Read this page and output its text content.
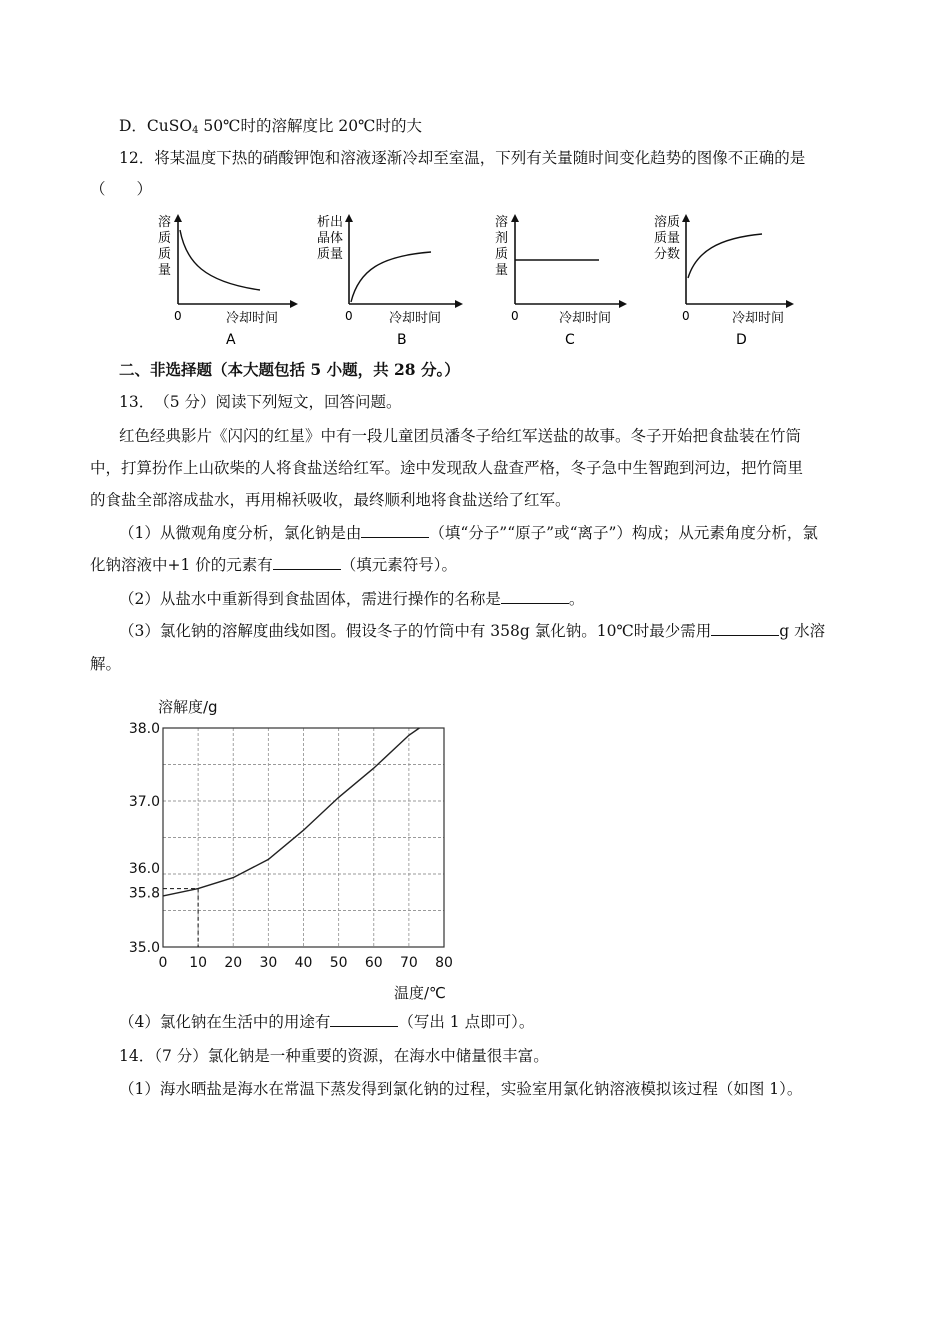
D．CuSO$_4$ 50℃时的溶解度比 20℃时的大
12．将某温度下热的硝酸钾饱和溶液逐渐冷却至室温，下列有关量随时间变化趋势的图像不正确的是
（　　）
溶
质
质
量
0	冷却时间
A
析出
晶体
质量
0	冷却时间
B
溶
剂
质
量
0	冷却时间
C
溶质
质量
分数
0	冷却时间
D
二、非选择题（本大题包括 5 小题，共 28 分。）
13．　（5 分）阅读下列短文，回答问题。
红色经典影片《闪闪的红星》中有一段儿童团员潘冬子给红军送盐的故事。冬子开始把食盐装在竹筒
中，打算扮作上山砍柴的人将食盐送给红军。途中发现敌人盘查严格，冬子急中生智跑到河边，把竹筒里
的食盐全部溶成盐水，再用棉袄吸收，最终顺利地将食盐送给了红军。
（1）从微观角度分析，氯化钠是由	（填“分子”“原子”或“离子”）构成；从元素角度分析，氯
化钠溶液中+1 价的元素有	（填元素符号）。
（2）从盐水中重新得到食盐固体，需进行操作的名称是	。
（3）氯化钠的溶解度曲线如图。假设冬子的竹筒中有 358g 氯化钠。10℃时最少需用	g 水溶
解。
0 10 20 30 40 50 60 70 80
35.0
35.8
36.0
37.0
38.0
溶解度/g
温度/℃
（4）氯化钠在生活中的用途有	（写出 1 点即可）。
14．（7 分）氯化钠是一种重要的资源，在海水中储量很丰富。
（1）海水晒盐是海水在常温下蒸发得到氯化钠的过程，实验室用氯化钠溶液模拟该过程（如图 1）。
